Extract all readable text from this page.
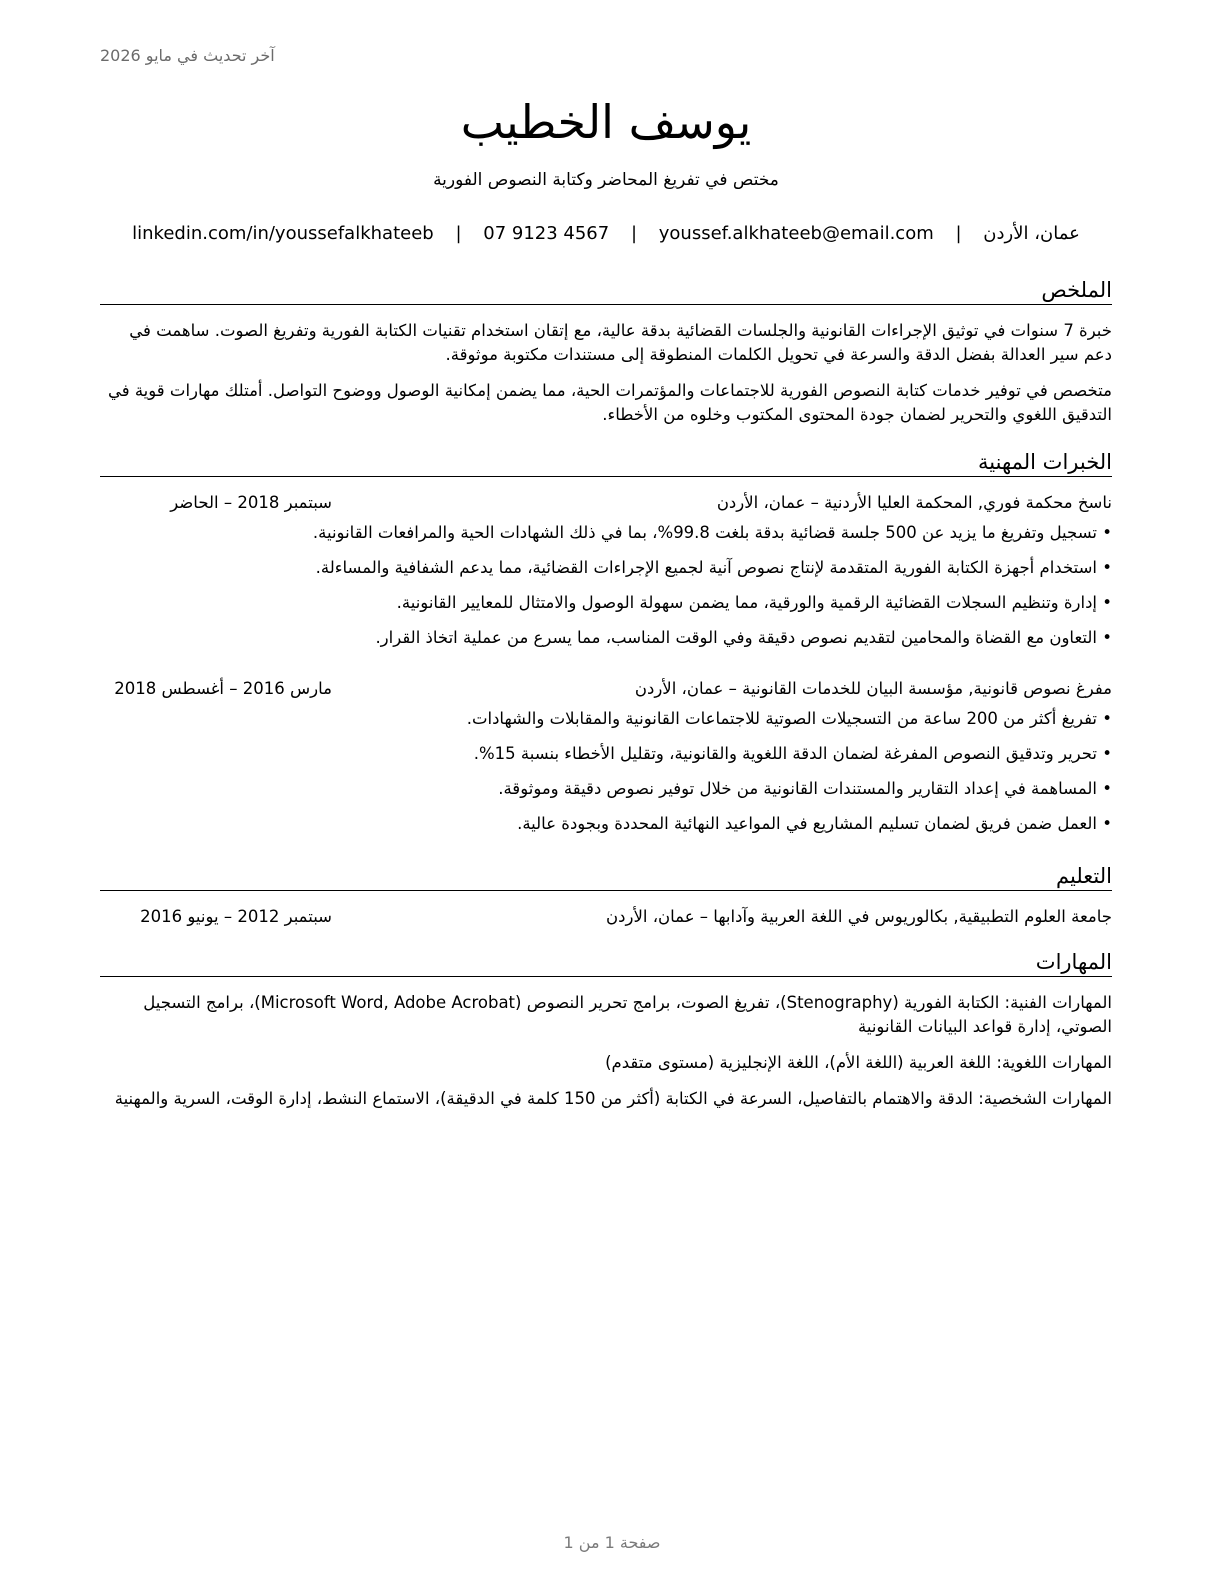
آخر تحديث في مايو 2026
يوسف الخطيب
مختص في تفريغ المحاضر وكتابة النصوص الفورية
linkedin.com/in/youssefalkhateeb | 07 9123 4567 | youssef.alkhateeb@email.com | عمان، الأردن
الملخص

خبرة 7 سنوات في توثيق الإجراءات القانونية والجلسات القضائية بدقة عالية، مع إتقان استخدام تقنيات الكتابة الفورية وتفريغ الصوت. ساهمت في دعم سير العدالة بفضل الدقة والسرعة في تحويل الكلمات المنطوقة إلى مستندات مكتوبة موثوقة.

متخصص في توفير خدمات كتابة النصوص الفورية للاجتماعات والمؤتمرات الحية، مما يضمن إمكانية الوصول ووضوح التواصل. أمتلك مهارات قوية في التدقيق اللغوي والتحرير لضمان جودة المحتوى المكتوب وخلوه من الأخطاء.

الخبرات المهنية
ناسخ محكمة فوري, المحكمة العليا الأردنية – عمان، الأردن
سبتمبر 2018 – الحاضر
• تسجيل وتفريغ ما يزيد عن 500 جلسة قضائية بدقة بلغت 99.8%، بما في ذلك الشهادات الحية والمرافعات القانونية.
• استخدام أجهزة الكتابة الفورية المتقدمة لإنتاج نصوص آنية لجميع الإجراءات القضائية، مما يدعم الشفافية والمساءلة.
• إدارة وتنظيم السجلات القضائية الرقمية والورقية، مما يضمن سهولة الوصول والامتثال للمعايير القانونية.
• التعاون مع القضاة والمحامين لتقديم نصوص دقيقة وفي الوقت المناسب، مما يسرع من عملية اتخاذ القرار.
مفرغ نصوص قانونية, مؤسسة البيان للخدمات القانونية – عمان، الأردن
مارس 2016 – أغسطس 2018
• تفريغ أكثر من 200 ساعة من التسجيلات الصوتية للاجتماعات القانونية والمقابلات والشهادات.
• تحرير وتدقيق النصوص المفرغة لضمان الدقة اللغوية والقانونية، وتقليل الأخطاء بنسبة 15%.
• المساهمة في إعداد التقارير والمستندات القانونية من خلال توفير نصوص دقيقة وموثوقة.
• العمل ضمن فريق لضمان تسليم المشاريع في المواعيد النهائية المحددة وبجودة عالية.
التعليم
جامعة العلوم التطبيقية, بكالوريوس في اللغة العربية وآدابها – عمان، الأردن
سبتمبر 2012 – يونيو 2016
المهارات

المهارات الفنية: الكتابة الفورية (Stenography)، تفريغ الصوت، برامج تحرير النصوص (Microsoft Word, Adobe Acrobat)، برامج التسجيل الصوتي، إدارة قواعد البيانات القانونية

المهارات اللغوية: اللغة العربية (اللغة الأم)، اللغة الإنجليزية (مستوى متقدم)

المهارات الشخصية: الدقة والاهتمام بالتفاصيل، السرعة في الكتابة (أكثر من 150 كلمة في الدقيقة)، الاستماع النشط، إدارة الوقت، السرية والمهنية

صفحة 1 من 1
